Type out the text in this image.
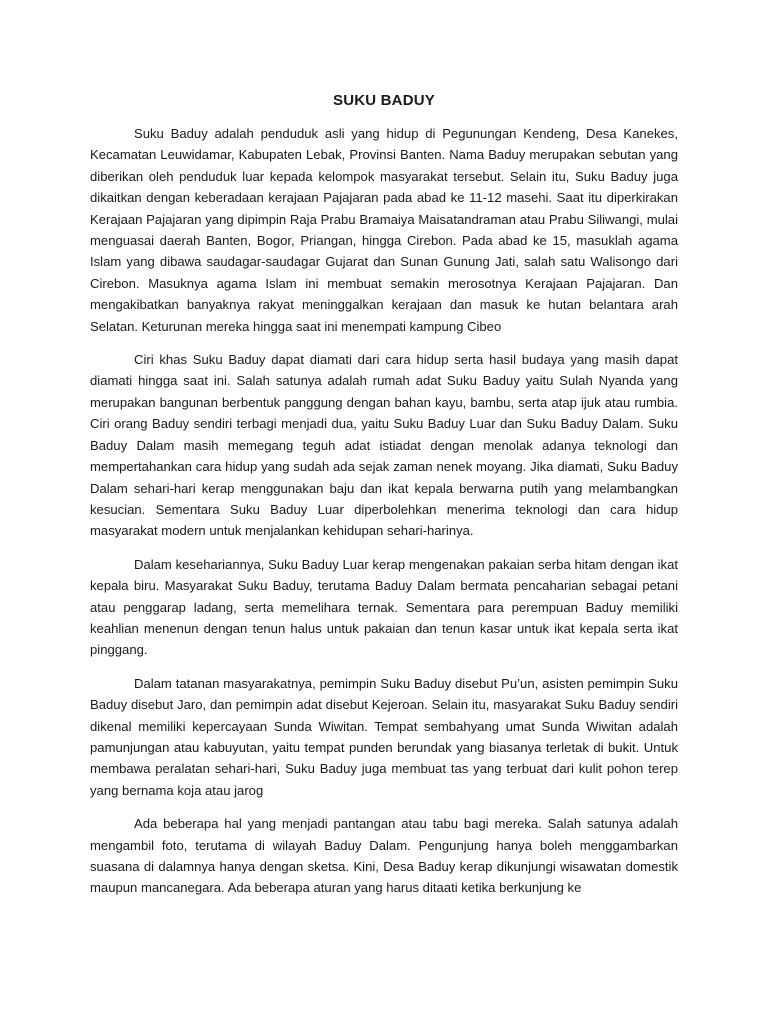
SUKU BADUY

Suku Baduy adalah penduduk asli yang hidup di Pegunungan Kendeng, Desa Kanekes, Kecamatan Leuwidamar, Kabupaten Lebak, Provinsi Banten. Nama Baduy merupakan sebutan yang diberikan oleh penduduk luar kepada kelompok masyarakat tersebut. Selain itu, Suku Baduy juga dikaitkan dengan keberadaan kerajaan Pajajaran pada abad ke 11-12 masehi. Saat itu diperkirakan Kerajaan Pajajaran yang dipimpin Raja Prabu Bramaiya Maisatandraman atau Prabu Siliwangi, mulai menguasai daerah Banten, Bogor, Priangan, hingga Cirebon. Pada abad ke 15, masuklah agama Islam yang dibawa saudagar-saudagar Gujarat dan Sunan Gunung Jati, salah satu Walisongo dari Cirebon. Masuknya agama Islam ini membuat semakin merosotnya Kerajaan Pajajaran. Dan mengakibatkan banyaknya rakyat meninggalkan kerajaan dan masuk ke hutan belantara arah Selatan. Keturunan mereka hingga saat ini menempati kampung Cibeo

Ciri khas Suku Baduy dapat diamati dari cara hidup serta hasil budaya yang masih dapat diamati hingga saat ini. Salah satunya adalah rumah adat Suku Baduy yaitu Sulah Nyanda yang merupakan bangunan berbentuk panggung dengan bahan kayu, bambu, serta atap ijuk atau rumbia. Ciri orang Baduy sendiri terbagi menjadi dua, yaitu Suku Baduy Luar dan Suku Baduy Dalam. Suku Baduy Dalam masih memegang teguh adat istiadat dengan menolak adanya teknologi dan mempertahankan cara hidup yang sudah ada sejak zaman nenek moyang. Jika diamati, Suku Baduy Dalam sehari-hari kerap menggunakan baju dan ikat kepala berwarna putih yang melambangkan kesucian. Sementara Suku Baduy Luar diperbolehkan menerima teknologi dan cara hidup masyarakat modern untuk menjalankan kehidupan sehari-harinya.

Dalam kesehariannya, Suku Baduy Luar kerap mengenakan pakaian serba hitam dengan ikat kepala biru. Masyarakat Suku Baduy, terutama Baduy Dalam bermata pencaharian sebagai petani atau penggarap ladang, serta memelihara ternak. Sementara para perempuan Baduy memiliki keahlian menenun dengan tenun halus untuk pakaian dan tenun kasar untuk ikat kepala serta ikat pinggang.

Dalam tatanan masyarakatnya, pemimpin Suku Baduy disebut Pu’un, asisten pemimpin Suku Baduy disebut Jaro, dan pemimpin adat disebut Kejeroan. Selain itu, masyarakat Suku Baduy sendiri dikenal memiliki kepercayaan Sunda Wiwitan. Tempat sembahyang umat Sunda Wiwitan adalah pamunjungan atau kabuyutan, yaitu tempat punden berundak yang biasanya terletak di bukit. Untuk membawa peralatan sehari-hari, Suku Baduy juga membuat tas yang terbuat dari kulit pohon terep yang bernama koja atau jarog

Ada beberapa hal yang menjadi pantangan atau tabu bagi mereka. Salah satunya adalah mengambil foto, terutama di wilayah Baduy Dalam. Pengunjung hanya boleh menggambarkan suasana di dalamnya hanya dengan sketsa. Kini, Desa Baduy kerap dikunjungi wisawatan domestik maupun mancanegara. Ada beberapa aturan yang harus ditaati ketika berkunjung ke
